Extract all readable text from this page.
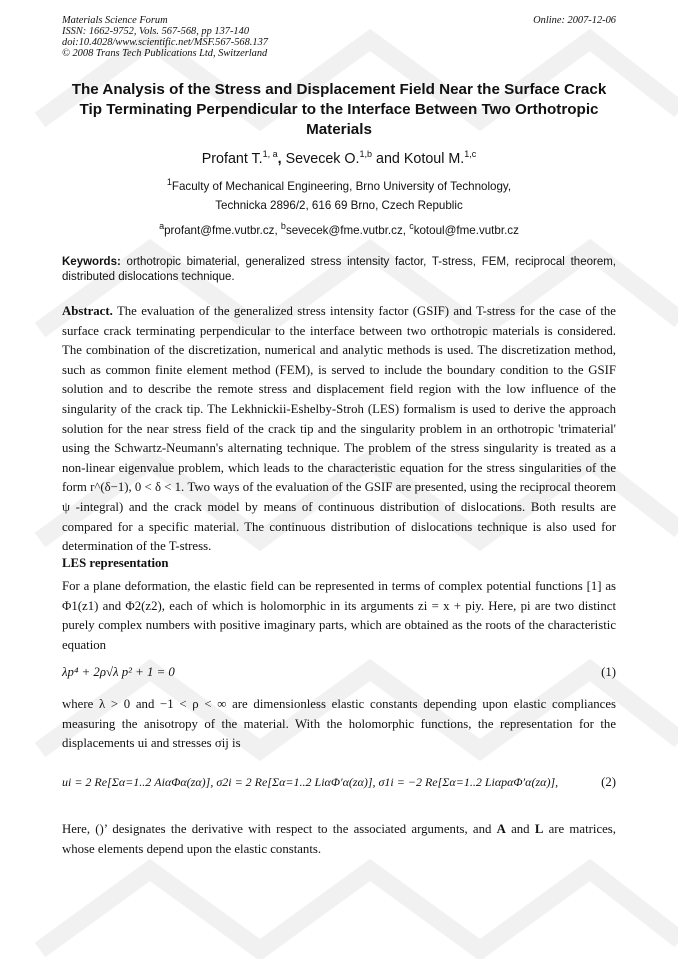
Materials Science Forum
ISSN: 1662-9752, Vols. 567-568, pp 137-140
doi:10.4028/www.scientific.net/MSF.567-568.137
© 2008 Trans Tech Publications Ltd, Switzerland
Online: 2007-12-06
The Analysis of the Stress and Displacement Field Near the Surface Crack Tip Terminating Perpendicular to the Interface Between Two Orthotropic Materials
Profant T.$^{1, a}$, Sevecek O.$^{1,b}$ and Kotoul M.$^{1,c}$
$^1$Faculty of Mechanical Engineering, Brno University of Technology,
Technicka 2896/2, 616 69 Brno, Czech Republic
$^a$profant@fme.vutbr.cz, $^b$sevecek@fme.vutbr.cz, $^c$kotoul@fme.vutbr.cz
Keywords: orthotropic bimaterial, generalized stress intensity factor, T-stress, FEM, reciprocal theorem, distributed dislocations technique.
Abstract. The evaluation of the generalized stress intensity factor (GSIF) and T-stress for the case of the surface crack terminating perpendicular to the interface between two orthotropic materials is considered. The combination of the discretization, numerical and analytic methods is used. The discretization method, such as common finite element method (FEM), is served to include the boundary condition to the GSIF solution and to describe the remote stress and displacement field region with the low influence of the singularity of the crack tip. The Lekhnickii-Eshelby-Stroh (LES) formalism is used to derive the approach solution for the near stress field of the crack tip and the singularity problem in an orthotropic 'trimaterial' using the Schwartz-Neumann's alternating technique. The problem of the stress singularity is treated as a non-linear eigenvalue problem, which leads to the characteristic equation for the stress singularities of the form r^(δ−1), 0 < δ < 1. Two ways of the evaluation of the GSIF are presented, using the reciprocal theorem ψ -integral) and the crack model by means of continuous distribution of dislocations. Both results are compared for a specific material. The continuous distribution of dislocations technique is also used for determination of the T-stress.
LES representation
For a plane deformation, the elastic field can be represented in terms of complex potential functions [1] as Φ1(z1) and Φ2(z2), each of which is holomorphic in its arguments zi = x + piy. Here, pi are two distinct purely complex numbers with positive imaginary parts, which are obtained as the roots of the characteristic equation
λp⁴ + 2ρ√λ p² + 1 = 0	(1)
where λ > 0 and −1 < ρ < ∞ are dimensionless elastic constants depending upon elastic compliances measuring the anisotropy of the material. With the holomorphic functions, the representation for the displacements ui and stresses σij is
ui = 2 Re[Σα=1..2 AiαΦα(zα)], σ2i = 2 Re[Σα=1..2 LiαΦ′α(zα)], σ1i = −2 Re[Σα=1..2 LiαpαΦ′α(zα)],	(2)
Here, ()’ designates the derivative with respect to the associated arguments, and A and L are matrices, whose elements depend upon the elastic constants.
